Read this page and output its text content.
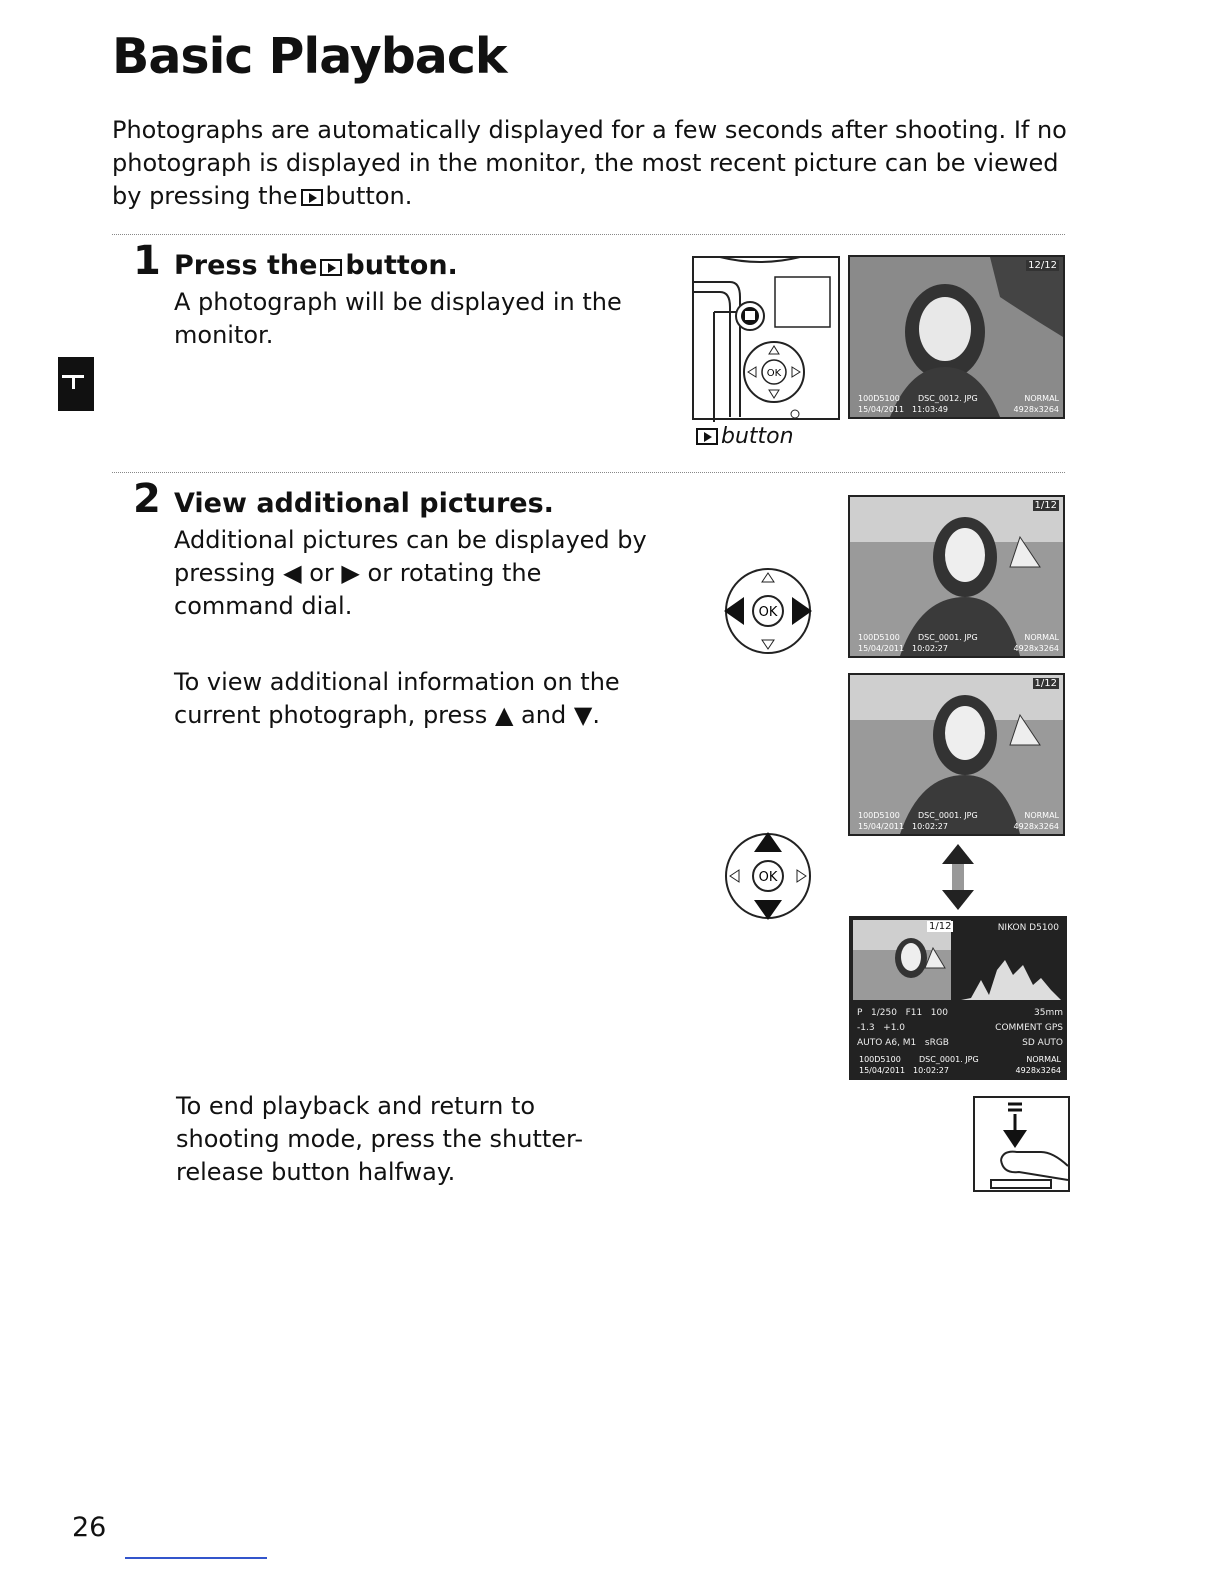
Basic Playback
Photographs are automatically displayed for a few seconds after shooting. If no photograph is displayed in the monitor, the most recent picture can be viewed by pressing the button.
1 Press the button.
A photograph will be displayed in the monitor.
OK
button
12/12
100D5100 DSC_0012. JPG	NORMAL
15/04/2011 11:03:49	4928x3264
2 View additional pictures.
Additional pictures can be displayed by pressing ◀ or ▶ or rotating the command dial.
To view additional information on the current photograph, press ▲ and ▼.
To end playback and return to shooting mode, press the shutter-release button halfway.
OK
1/12
100D5100 DSC_0001. JPG	NORMAL
15/04/2011 10:02:27	4928x3264
1/12
100D5100 DSC_0001. JPG	NORMAL
15/04/2011 10:02:27	4928x3264
OK
1/12	NIKON D5100
P 1/250 F11 100	35mm
-1.3 +1.0	COMMENT GPS
AUTO A6, M1 sRGB	SD AUTO
100D5100 DSC_0001. JPG	NORMAL
15/04/2011 10:02:27	4928x3264
26
